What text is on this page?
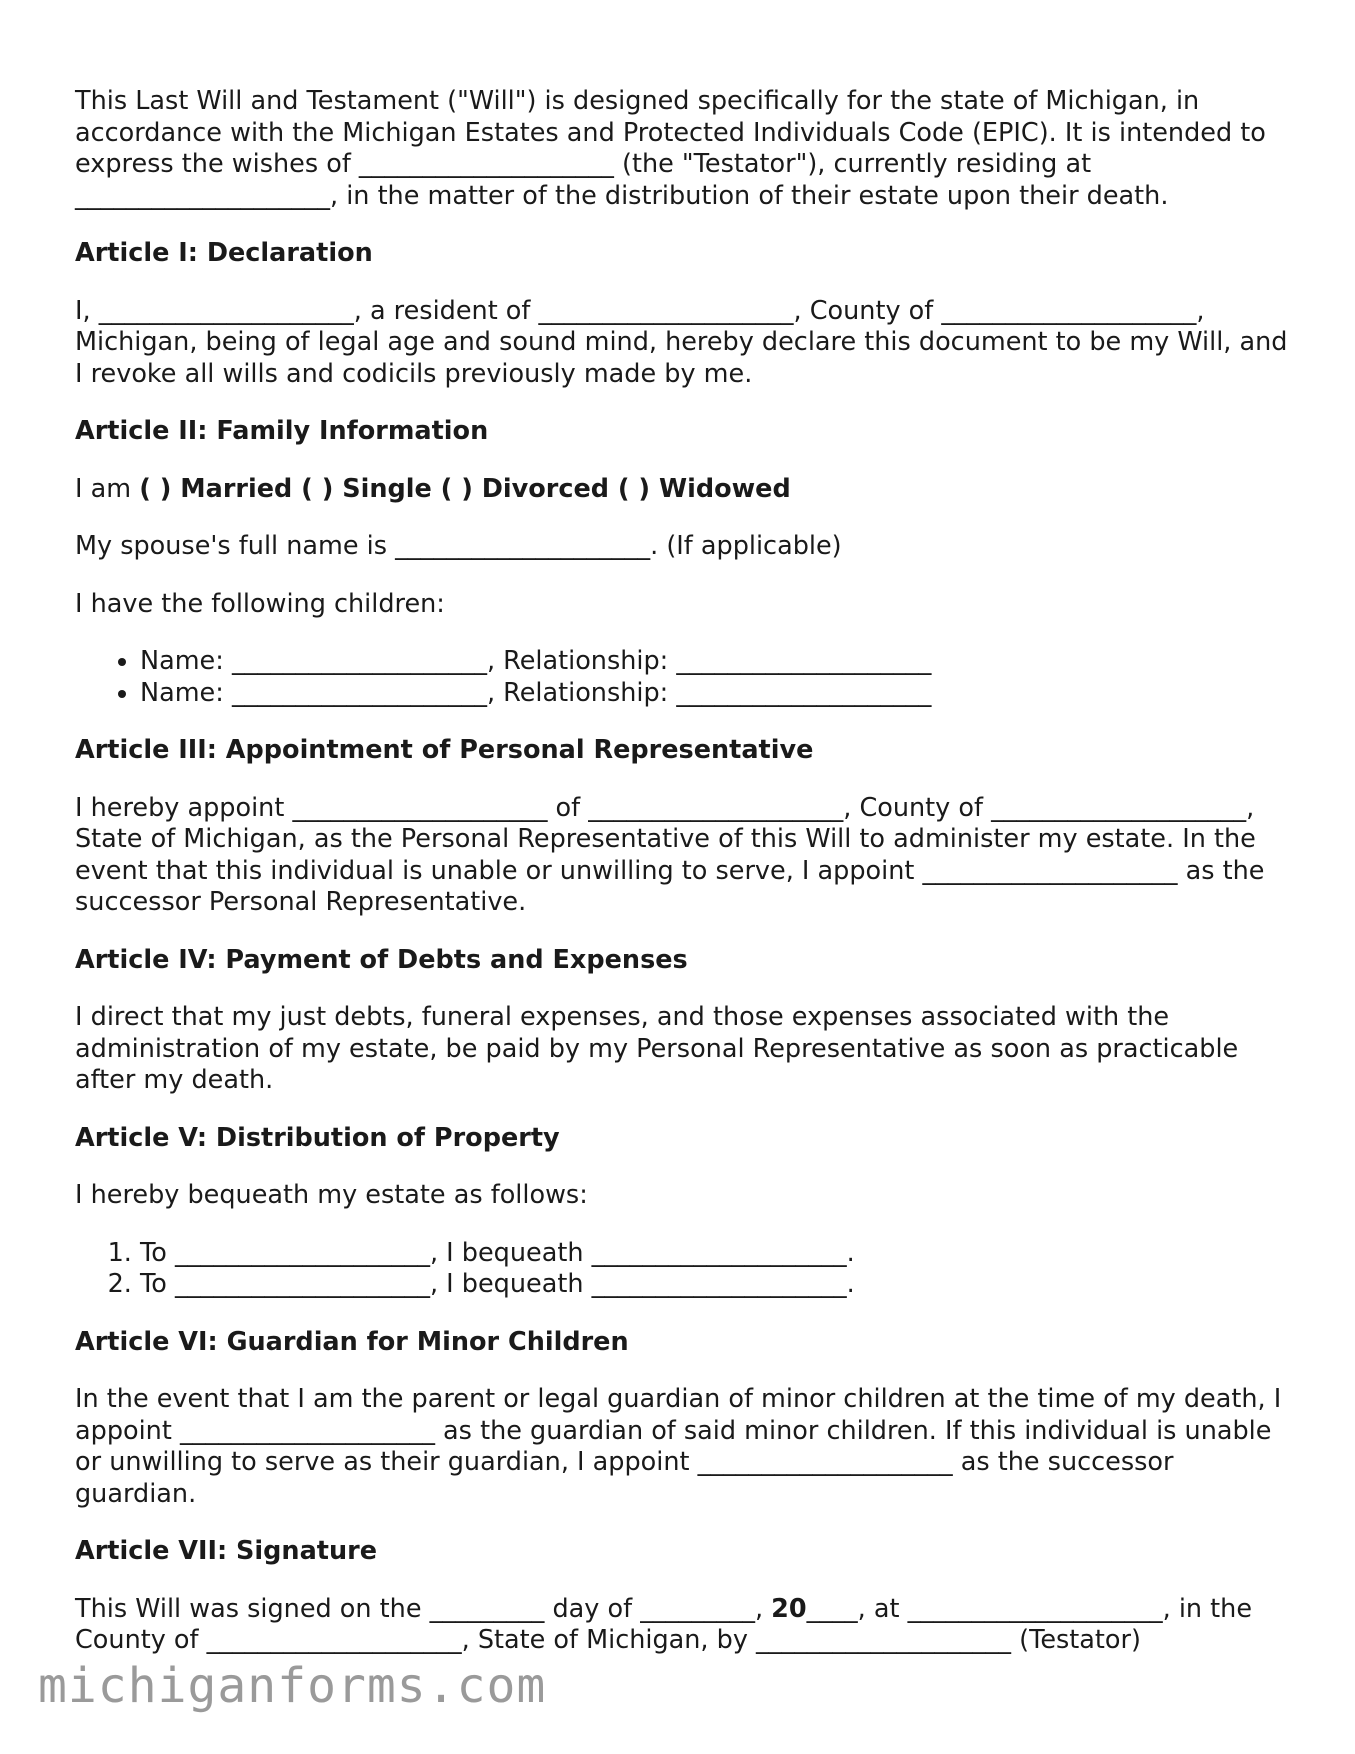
This Last Will and Testament ("Will") is designed specifically for the state of Michigan, in accordance with the Michigan Estates and Protected Individuals Code (EPIC). It is intended to express the wishes of ____________________ (the "Testator"), currently residing at ____________________, in the matter of the distribution of their estate upon their death.

Article I: Declaration

I, ____________________, a resident of ____________________, County of ____________________, Michigan, being of legal age and sound mind, hereby declare this document to be my Will, and I revoke all wills and codicils previously made by me.

Article II: Family Information

I am ( ) Married ( ) Single ( ) Divorced ( ) Widowed

My spouse's full name is ____________________. (If applicable)

I have the following children:

• Name: ____________________, Relationship: ____________________
• Name: ____________________, Relationship: ____________________
Article III: Appointment of Personal Representative

I hereby appoint ____________________ of ____________________, County of ____________________, State of Michigan, as the Personal Representative of this Will to administer my estate. In the event that this individual is unable or unwilling to serve, I appoint ____________________ as the successor Personal Representative.

Article IV: Payment of Debts and Expenses

I direct that my just debts, funeral expenses, and those expenses associated with the administration of my estate, be paid by my Personal Representative as soon as practicable after my death.

Article V: Distribution of Property

I hereby bequeath my estate as follows:

1. To ____________________, I bequeath ____________________.
2. To ____________________, I bequeath ____________________.
Article VI: Guardian for Minor Children

In the event that I am the parent or legal guardian of minor children at the time of my death, I appoint ____________________ as the guardian of said minor children. If this individual is unable or unwilling to serve as their guardian, I appoint ____________________ as the successor guardian.

Article VII: Signature

This Will was signed on the _________ day of _________, 20____, at ____________________, in the County of ____________________, State of Michigan, by ____________________ (Testator)

michiganforms.com
